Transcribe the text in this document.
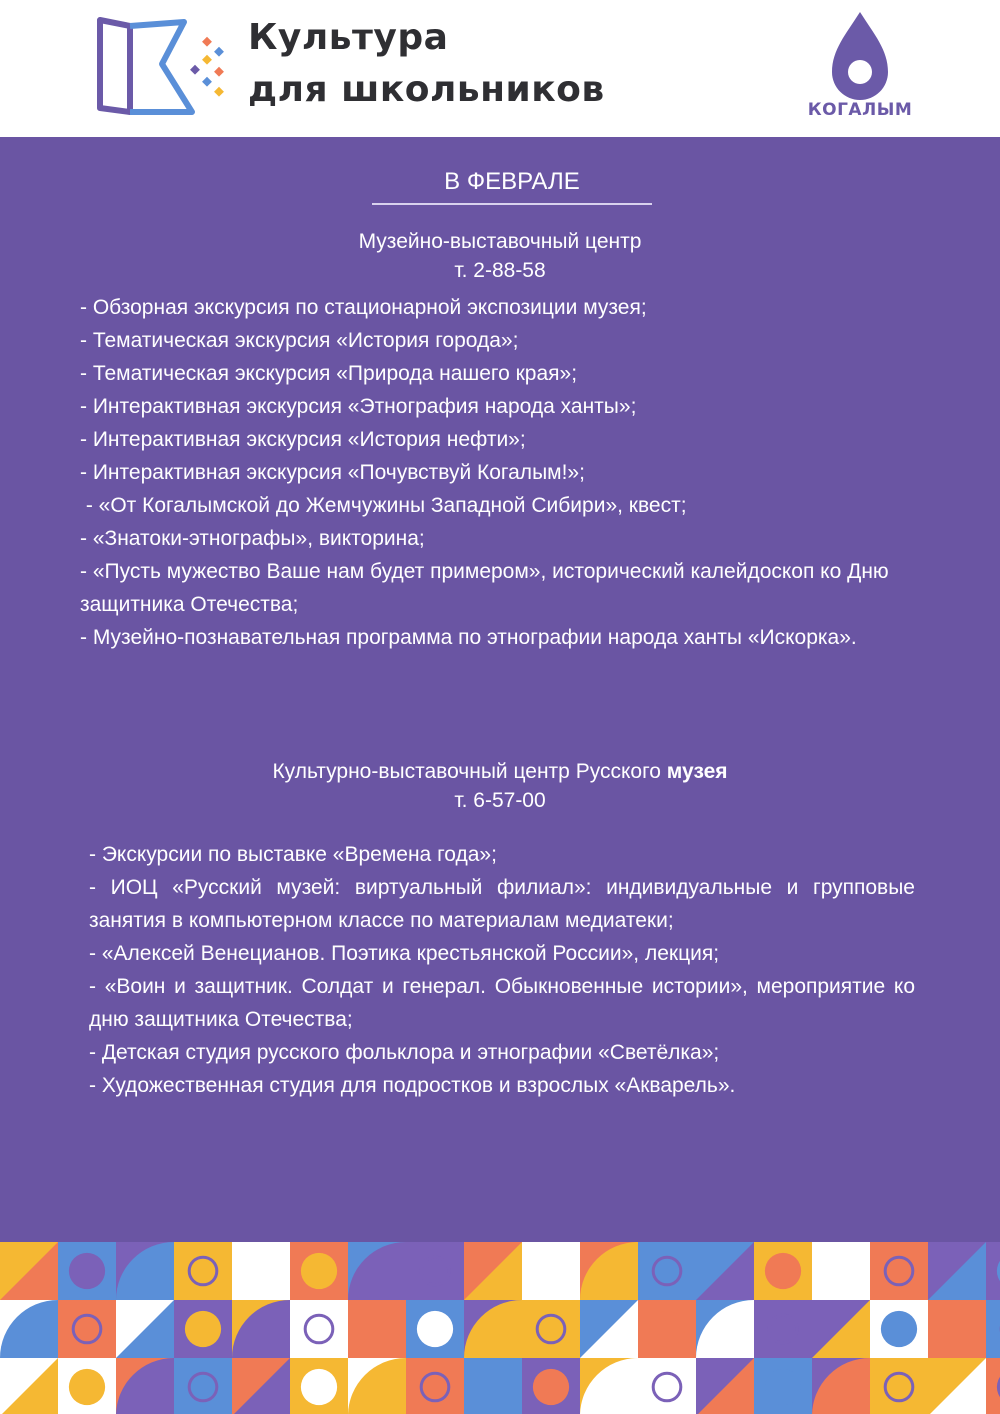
Культура
для школьников	КОГАЛЫМ
В ФЕВРАЛЕ
Музейно-выставочный центр
т. 2-88-58
- Обзорная экскурсия по стационарной экспозиции музея;
- Тематическая экскурсия «История города»;
- Тематическая экскурсия «Природа нашего края»;
- Интерактивная экскурсия «Этнография народа ханты»;
- Интерактивная экскурсия «История нефти»;
- Интерактивная экскурсия «Почувствуй Когалым!»;
- «От Когалымской до Жемчужины Западной Сибири», квест;
- «Знатоки-этнографы», викторина;
- «Пусть мужество Ваше нам будет примером», исторический калейдоскоп ко Дню защитника Отечества;
- Музейно-познавательная программа по этнографии народа ханты «Искорка».
Культурно-выставочный центр Русского музея
т. 6-57-00
- Экскурсии по выставке «Времена года»;
- ИОЦ «Русский музей: виртуальный филиал»: индивидуальные и групповые занятия в компьютерном классе по материалам медиатеки;
- «Алексей Венецианов. Поэтика крестьянской России», лекция;
- «Воин и защитник. Солдат и генерал. Обыкновенные истории», мероприятие ко дню защитника Отечества;
- Детская студия русского фольклора и этнографии «Светёлка»;
- Художественная студия для подростков и взрослых «Акварель».
